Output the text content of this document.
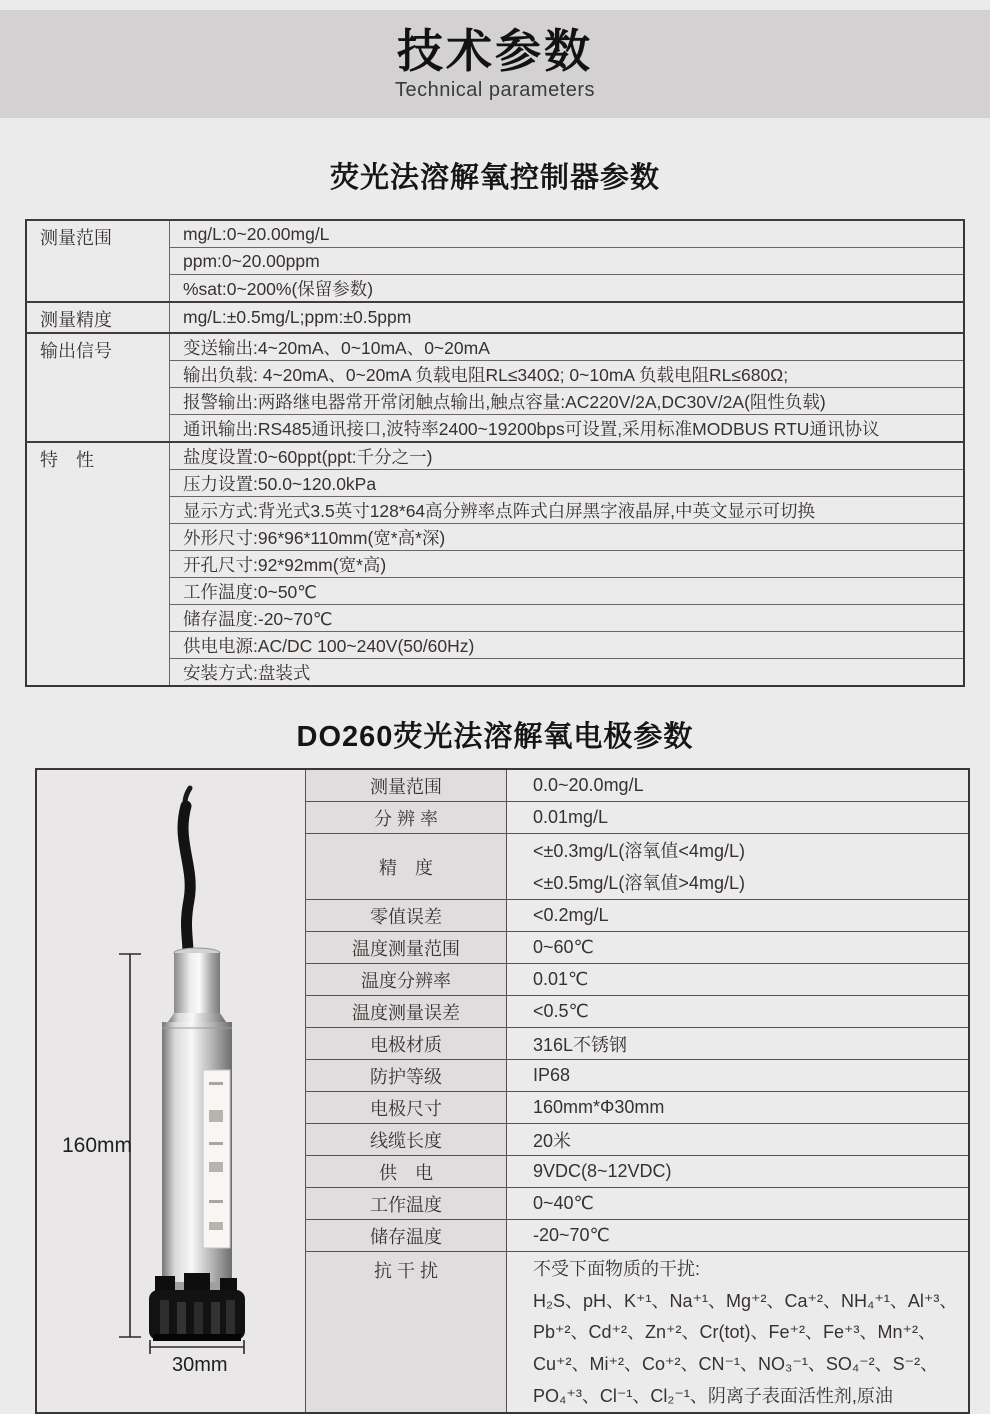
技术参数
Technical parameters
荧光法溶解氧控制器参数
测量范围	mg/L:0~20.00mg/L
	ppm:0~20.00ppm
	%sat:0~200%(保留参数)
测量精度	mg/L:±0.5mg/L;ppm:±0.5ppm
输出信号	变送输出:4~20mA、0~10mA、0~20mA
	输出负载: 4~20mA、0~20mA 负载电阻RL≤340Ω; 0~10mA 负载电阻RL≤680Ω;
	报警输出:两路继电器常开常闭触点输出,触点容量:AC220V/2A,DC30V/2A(阻性负载)
	通讯输出:RS485通讯接口,波特率2400~19200bps可设置,采用标准MODBUS RTU通讯协议
特　性	盐度设置:0~60ppt(ppt:千分之一)
	压力设置:50.0~120.0kPa
	显示方式:背光式3.5英寸128*64高分辨率点阵式白屏黑字液晶屏,中英文显示可切换
	外形尺寸:96*96*110mm(宽*高*深)
	开孔尺寸:92*92mm(宽*高)
	工作温度:0~50℃
	储存温度:-20~70℃
	供电电源:AC/DC 100~240V(50/60Hz)
	安装方式:盘装式
DO260荧光法溶解氧电极参数
160mm
30mm	测量范围	0.0~20.0mg/L
	分 辨 率	0.01mg/L
	精　度	<±0.3mg/L(溶氧值<4mg/L)
<±0.5mg/L(溶氧值>4mg/L)

	零值误差	<0.2mg/L
	温度测量范围	0~60℃
	温度分辨率	0.01℃
	温度测量误差	<0.5℃
	电极材质	316L不锈钢
	防护等级	IP68
	电极尺寸	160mm*Φ30mm
	线缆长度	20米
	供　电	9VDC(8~12VDC)
	工作温度	0~40℃
	储存温度	-20~70℃
	抗 干 扰	不受下面物质的干扰:
H₂S、pH、K⁺¹、Na⁺¹、Mg⁺²、Ca⁺²、NH₄⁺¹、Al⁺³、
Pb⁺²、Cd⁺²、Zn⁺²、Cr(tot)、Fe⁺²、Fe⁺³、Mn⁺²、
Cu⁺²、Mi⁺²、Co⁺²、CN⁻¹、NO₃⁻¹、SO₄⁻²、S⁻²、
PO₄⁺³、Cl⁻¹、Cl₂⁻¹、阴离子表面活性剂,原油
